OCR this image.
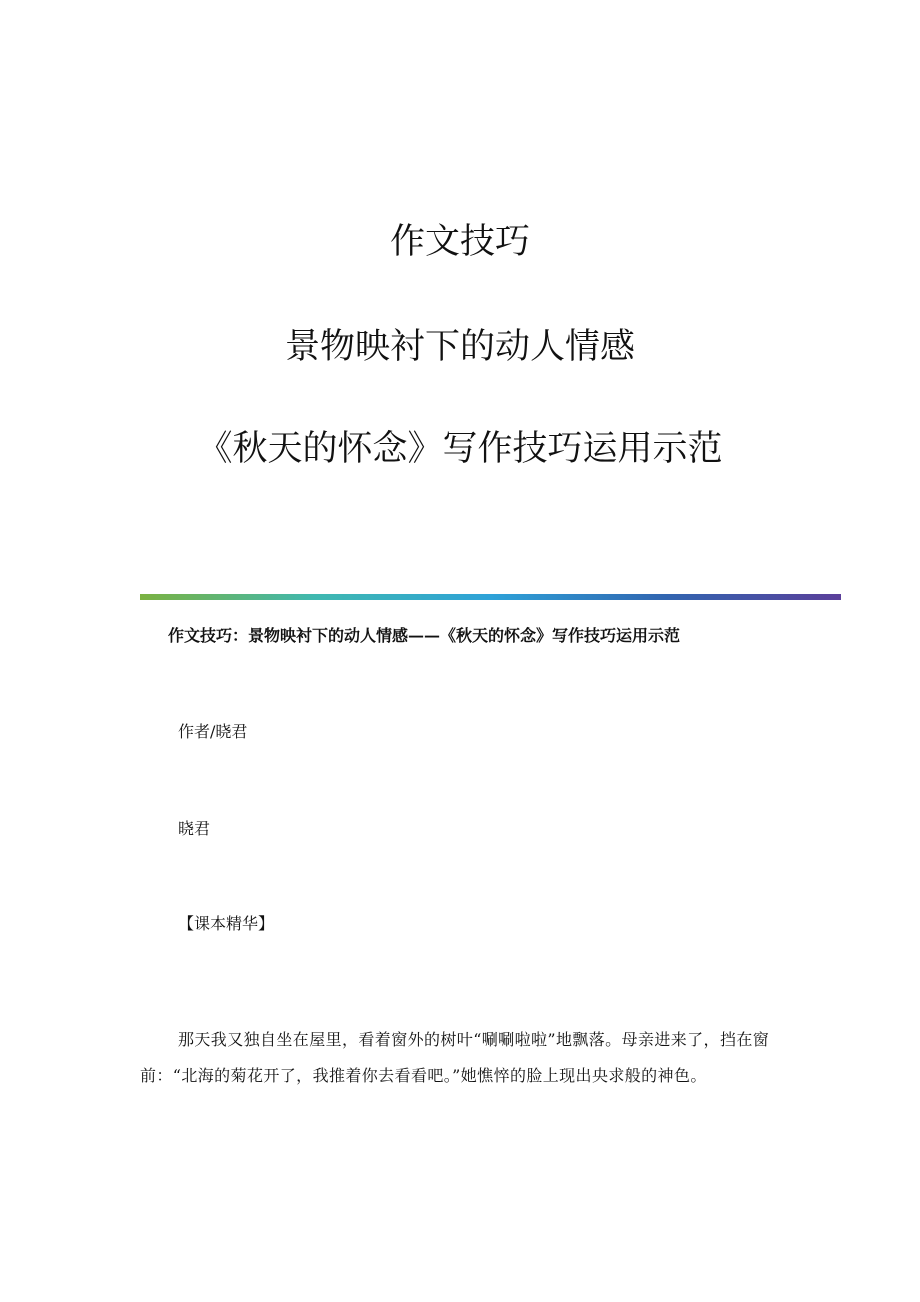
作文技巧
景物映衬下的动人情感
《秋天的怀念》写作技巧运用示范
作文技巧：景物映衬下的动人情感——《秋天的怀念》写作技巧运用示范
作者/晓君
晓君
【课本精华】

那天我又独自坐在屋里，看着窗外的树叶“唰唰啦啦”地飘落。母亲进来了，挡在窗前：“北海的菊花开了，我推着你去看看吧。”她憔悴的脸上现出央求般的神色。
